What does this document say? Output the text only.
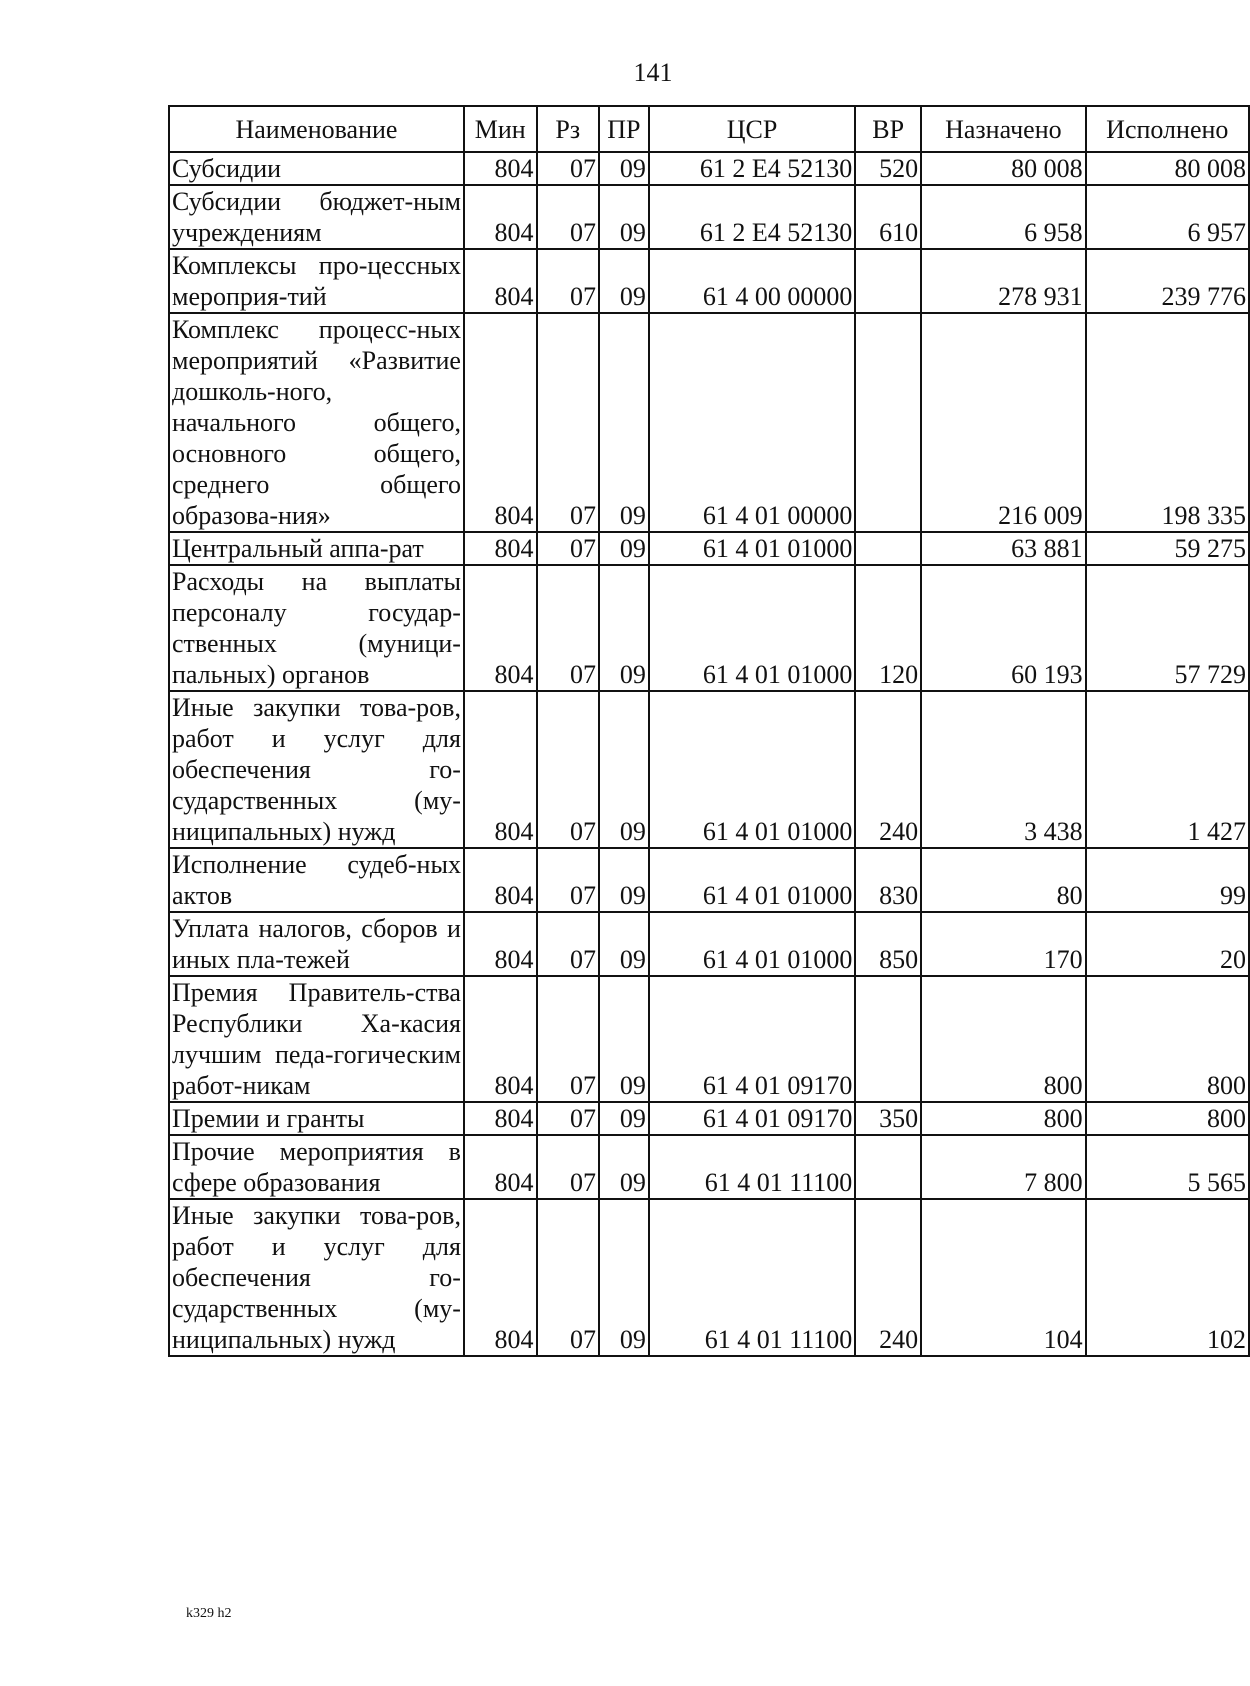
141
Наименование	Мин	Рз	ПР	ЦСР	ВР	Назначено	Исполнено
Субсидии	804	07	09	61 2 E4 52130	520	80 008	80 008
Субсидии бюджет-ным учреждениям	804	07	09	61 2 E4 52130	610	6 958	6 957
Комплексы про-цессных мероприя-тий	804	07	09	61 4 00 00000		278 931	239 776
Комплекс процесс-ных мероприятий «Развитие дошколь-ного, начального общего, основного общего, среднего общего образова-ния»	804	07	09	61 4 01 00000		216 009	198 335
Центральный аппа-рат	804	07	09	61 4 01 01000		63 881	59 275
Расходы на выплаты персоналу государ-ственных (муници-пальных) органов	804	07	09	61 4 01 01000	120	60 193	57 729
Иные закупки това-ров, работ и услуг для обеспечения го-сударственных (му-ниципальных) нужд	804	07	09	61 4 01 01000	240	3 438	1 427
Исполнение судеб-ных актов	804	07	09	61 4 01 01000	830	80	99
Уплата налогов, сборов и иных пла-тежей	804	07	09	61 4 01 01000	850	170	20
Премия Правитель-ства Республики Ха-касия лучшим педа-гогическим работ-никам	804	07	09	61 4 01 09170		800	800
Премии и гранты	804	07	09	61 4 01 09170	350	800	800
Прочие мероприятия в сфере образования	804	07	09	61 4 01 11100		7 800	5 565
Иные закупки това-ров, работ и услуг для обеспечения го-сударственных (му-ниципальных) нужд	804	07	09	61 4 01 11100	240	104	102
k329 h2
